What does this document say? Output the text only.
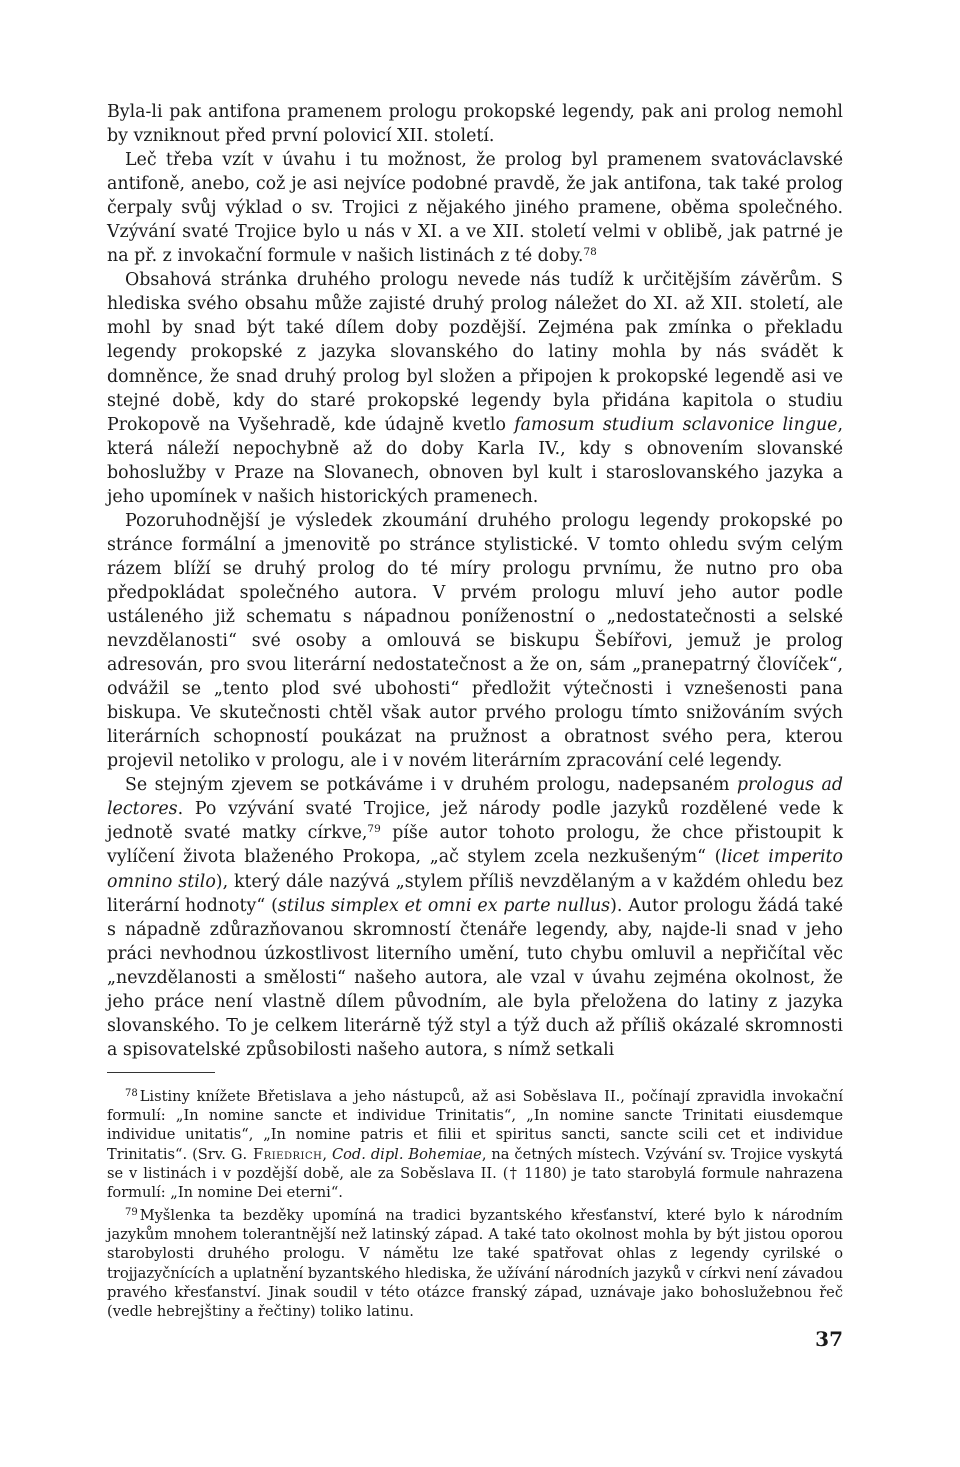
Byla-li pak antifona pramenem prologu prokopské legendy, pak ani prolog nemohl by vzniknout před první polovicí XII. století.

Leč třeba vzít v úvahu i tu možnost, že prolog byl pramenem svatováclavské antifoně, anebo, což je asi nejvíce podobné pravdě, že jak antifona, tak také prolog čerpaly svůj výklad o sv. Trojici z nějakého jiného pramene, oběma společného. Vzývání svaté Trojice bylo u nás v XI. a ve XII. století velmi v oblibě, jak patrné je na př. z invokační formule v našich listinách z té doby.$^{78}$

Obsahová stránka druhého prologu nevede nás tudíž k určitějším závěrům. S hlediska svého obsahu může zajisté druhý prolog náležet do XI. až XII. století, ale mohl by snad být také dílem doby pozdější. Zejména pak zmínka o překladu legendy prokopské z jazyka slovanského do latiny mohla by nás svádět k domněnce, že snad druhý prolog byl složen a připojen k prokopské legendě asi ve stejné době, kdy do staré prokopské legendy byla přidána kapitola o studiu Prokopově na Vyšehradě, kde údajně kvetlo famosum studium sclavonice lingue, která náleží nepochybně až do doby Karla IV., kdy s obnovením slovanské bohoslužby v Praze na Slovanech, obnoven byl kult i staroslovanského jazyka a jeho upomínek v našich historických pramenech.

Pozoruhodnější je výsledek zkoumání druhého prologu legendy prokopské po stránce formální a jmenovitě po stránce stylistické. V tomto ohledu svým celým rázem blíží se druhý prolog do té míry prologu prvnímu, že nutno pro oba předpokládat společného autora. V prvém prologu mluví jeho autor podle ustáleného již schematu s nápadnou poníženostní o „nedostatečnosti a selské nevzdělanosti“ své osoby a omlouvá se biskupu Šebířovi, jemuž je prolog adresován, pro svou literární nedostatečnost a že on, sám „pranepatrný človíček“, odvážil se „tento plod své ubohosti“ předložit výtečnosti i vznešenosti pana biskupa. Ve skutečnosti chtěl však autor prvého prologu tímto snižováním svých literárních schopností poukázat na pružnost a obratnost svého pera, kterou projevil netoliko v prologu, ale i v novém literárním zpracování celé legendy.

Se stejným zjevem se potkáváme i v druhém prologu, nadepsaném prologus ad lectores. Po vzývání svaté Trojice, jež národy podle jazyků rozdělené vede k jednotě svaté matky církve,$^{79}$ píše autor tohoto prologu, že chce přistoupit k vylíčení života blaženého Prokopa, „ač stylem zcela nezkušeným“ (licet imperito omnino stilo), který dále nazývá „stylem příliš nevzdělaným a v každém ohledu bez literární hodnoty“ (stilus simplex et omni ex parte nullus). Autor prologu žádá také s nápadně zdůrazňovanou skromností čtenáře legendy, aby, najde-li snad v jeho práci nevhodnou úzkostlivost literního umění, tuto chybu omluvil a nepřičítal věc „nevzdělanosti a smělosti“ našeho autora, ale vzal v úvahu zejména okolnost, že jeho práce není vlastně dílem původním, ale byla přeložena do latiny z jazyka slovanského. To je celkem literárně týž styl a týž duch až příliš okázalé skromnosti a spisovatelské způsobilosti našeho autora, s nímž setkali

$^{78}$ Listiny knížete Břetislava a jeho nástupců, až asi Soběslava II., počínají zpravidla invokační formulí: „In nomine sancte et individue Trinitatis“, „In nomine sancte Trinitati eiusdemque individue unitatis“, „In nomine patris et filii et spiritus sancti, sancte scili cet et individue Trinitatis“. (Srv. G. Friedrich, Cod. dipl. Bohemiae, na četných místech. Vzývání sv. Trojice vyskytá se v listinách i v pozdější době, ale za Soběslava II. († 1180) je tato starobylá formule nahrazena formulí: „In nomine Dei eterni“.

$^{79}$ Myšlenka ta bezděky upomíná na tradici byzantského křesťanství, které bylo k národním jazykům mnohem tolerantnější než latinský západ. A také tato okolnost mohla by být jistou oporou starobylosti druhého prologu. V námětu lze také spatřovat ohlas z legendy cyrilské o trojjazyčnících a uplatnění byzantského hlediska, že užívání národních jazyků v církvi není závadou pravého křesťanství. Jinak soudil v této otázce franský západ, uznávaje jako bohoslužebnou řeč (vedle hebrejštiny a řečtiny) toliko latinu.

37
